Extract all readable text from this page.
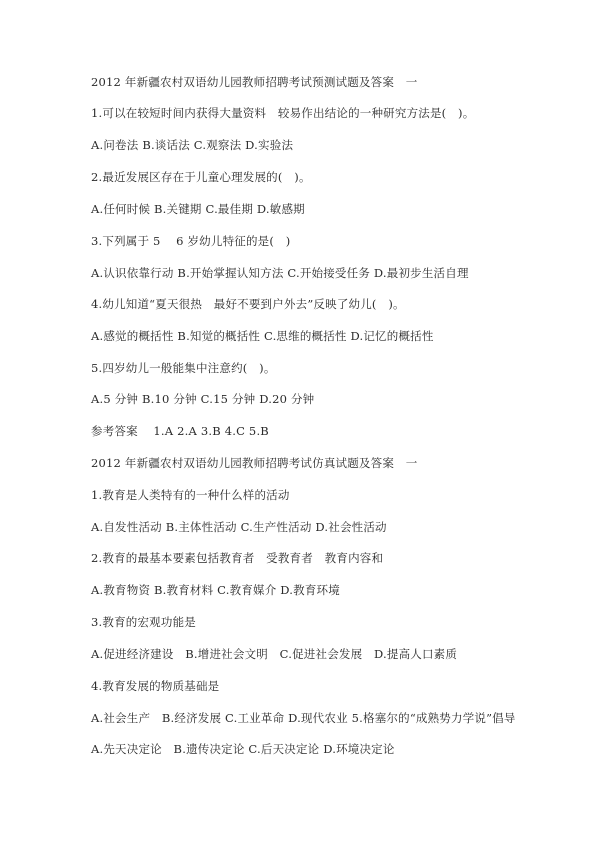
2012 年新疆农村双语幼儿园教师招聘考试预测试题及答案　一
1.可以在较短时间内获得大量资料　较易作出结论的一种研究方法是(　)。
A.问卷法 B.谈话法 C.观察法 D.实验法
2.最近发展区存在于儿童心理发展的(　)。
A.任何时候 B.关键期 C.最佳期 D.敏感期
3.下列属于 5　 6 岁幼儿特征的是(　)
A.认识依靠行动 B.开始掌握认知方法 C.开始接受任务 D.最初步生活自理
4.幼儿知道“夏天很热　最好不要到户外去”反映了幼儿(　)。
A.感觉的概括性 B.知觉的概括性 C.思维的概括性 D.记忆的概括性
5.四岁幼儿一般能集中注意约(　)。
A.5 分钟 B.10 分钟 C.15 分钟 D.20 分钟
参考答案　 1.A 2.A 3.B 4.C 5.B
2012 年新疆农村双语幼儿园教师招聘考试仿真试题及答案　一
1.教育是人类特有的一种什么样的活动
A.自发性活动 B.主体性活动 C.生产性活动 D.社会性活动
2.教育的最基本要素包括教育者　受教育者　教育内容和
A.教育物资 B.教育材料 C.教育媒介 D.教育环境
3.教育的宏观功能是
A.促进经济建设　B.增进社会文明　C.促进社会发展　D.提高人口素质
4.教育发展的物质基础是
A.社会生产　B.经济发展 C.工业革命 D.现代农业 5.格塞尔的“成熟势力学说”倡导
A.先天决定论　B.遗传决定论 C.后天决定论 D.环境决定论
